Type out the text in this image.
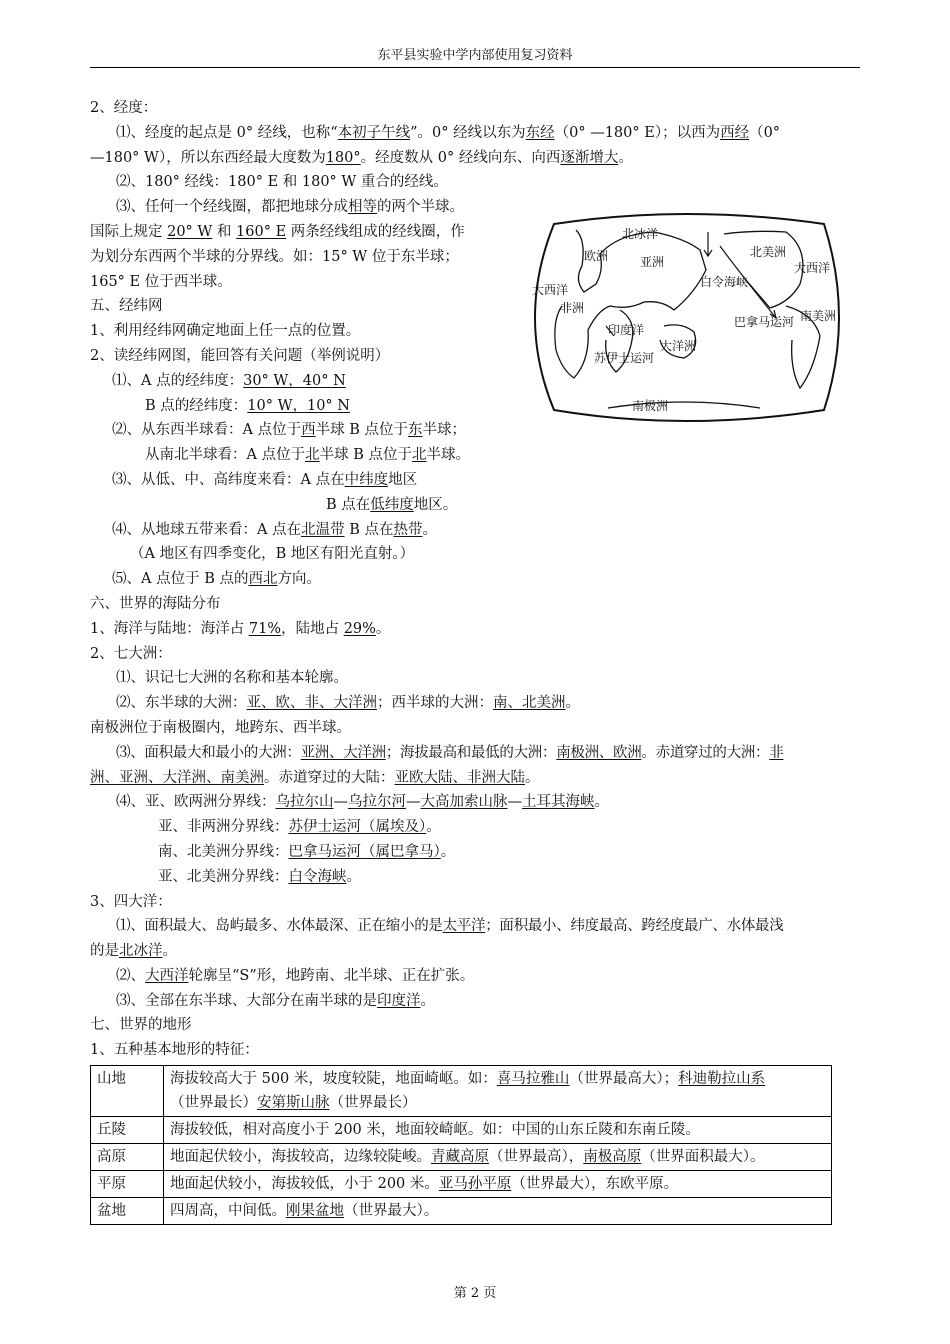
东平县实验中学内部使用复习资料
2、经度：
⑴、经度的起点是 0° 经线，也称“本初子午线”。0° 经线以东为东经（0° —180° E）；以西为西经（0°
—180° W），所以东西经最大度数为180°。经度数从 0° 经线向东、向西逐渐增大。
⑵、180° 经线：180° E 和 180° W 重合的经线。
⑶、任何一个经线圈，都把地球分成相等的两个半球。
国际上规定 20° W 和 160° E 两条经线组成的经线圈，作
为划分东西两个半球的分界线。如：15° W 位于东半球；
165° E 位于西半球。
五、经纬网
1、利用经纬网确定地面上任一点的位置。
2、读经纬网图，能回答有关问题（举例说明）
⑴、A 点的经纬度：30° W，40° N
B 点的经纬度：10° W，10° N
⑵、从东西半球看：A 点位于西半球 B 点位于东半球；
从南北半球看：A 点位于北半球 B 点位于北半球。
⑶、从低、中、高纬度来看：A 点在中纬度地区
B 点在低纬度地区。
⑷、从地球五带来看：A 点在北温带 B 点在热带。
（A 地区有四季变化，B 地区有阳光直射。）
⑸、A 点位于 B 点的西北方向。
六、世界的海陆分布
1、海洋与陆地：海洋占 71%，陆地占 29%。
2、七大洲：
⑴、识记七大洲的名称和基本轮廓。
⑵、东半球的大洲：亚、欧、非、大洋洲；西半球的大洲：南、北美洲。
南极洲位于南极圈内，地跨东、西半球。
⑶、面积最大和最小的大洲：亚洲、大洋洲；海拔最高和最低的大洲：南极洲、欧洲。赤道穿过的大洲：非
洲、亚洲、大洋洲、南美洲。赤道穿过的大陆：亚欧大陆、非洲大陆。
⑷、亚、欧两洲分界线：乌拉尔山—乌拉尔河—大高加索山脉—土耳其海峡。
亚、非两洲分界线：苏伊士运河（属埃及）。
南、北美洲分界线：巴拿马运河（属巴拿马）。
亚、北美洲分界线：白令海峡。
3、四大洋：
⑴、面积最大、岛屿最多、水体最深、正在缩小的是太平洋；面积最小、纬度最高、跨经度最广、水体最浅
的是北冰洋。
⑵、大西洋轮廓呈“S”形，地跨南、北半球、正在扩张。
⑶、全部在东半球、大部分在南半球的是印度洋。
七、世界的地形
1、五种基本地形的特征：
山地	海拔较高大于 500 米，坡度较陡，地面崎岖。如：喜马拉雅山（世界最高大）；科迪勒拉山系
（世界最长）安第斯山脉（世界最长）
丘陵	海拔较低，相对高度小于 200 米，地面较崎岖。如：中国的山东丘陵和东南丘陵。
高原	地面起伏较小，海拔较高，边缘较陡峻。青藏高原（世界最高），南极高原（世界面积最大）。
平原	地面起伏较小，海拔较低，小于 200 米。亚马孙平原（世界最大），东欧平原。
盆地	四周高，中间低。刚果盆地（世界最大）。
北冰洋
欧洲	亚洲
北美洲
大西洋
大西洋
非洲
白令海峡
印度洋
苏伊士运河
大洋洲
巴拿马运河 南美洲
南极洲
第 2 页
